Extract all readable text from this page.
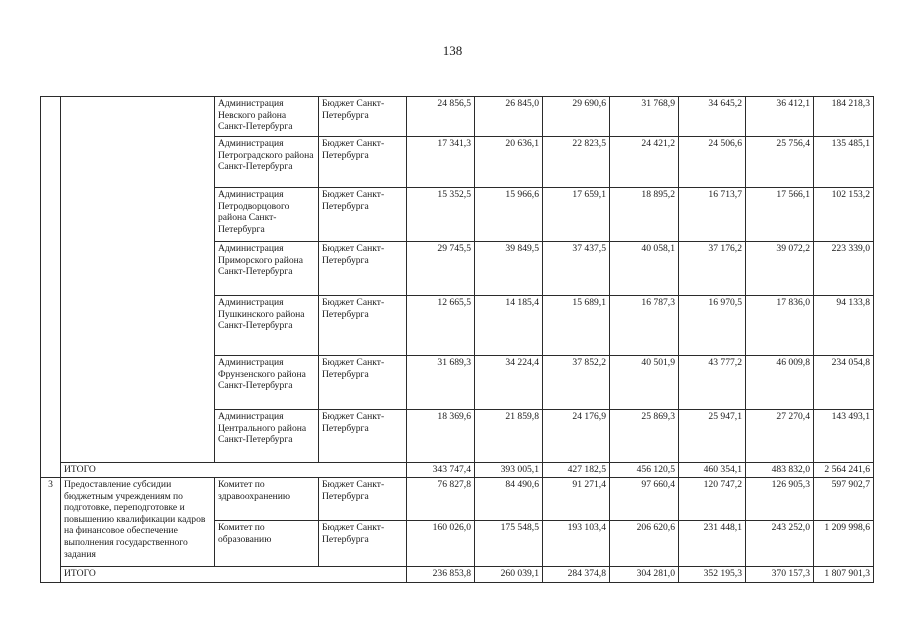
138
		Администрация Невского района Санкт-Петербурга	Бюджет Санкт-Петербурга	24 856,5	26 845,0	29 690,6	31 768,9	34 645,2	36 412,1	184 218,3
		Администрация Петроградского района Санкт-Петербурга	Бюджет Санкт-Петербурга	17 341,3	20 636,1	22 823,5	24 421,2	24 506,6	25 756,4	135 485,1
		Администрация Петродворцового района Санкт-Петербурга	Бюджет Санкт-Петербурга	15 352,5	15 966,6	17 659,1	18 895,2	16 713,7	17 566,1	102 153,2
		Администрация Приморского района Санкт-Петербурга	Бюджет Санкт-Петербурга	29 745,5	39 849,5	37 437,5	40 058,1	37 176,2	39 072,2	223 339,0
		Администрация Пушкинского района Санкт-Петербурга	Бюджет Санкт-Петербурга	12 665,5	14 185,4	15 689,1	16 787,3	16 970,5	17 836,0	94 133,8
		Администрация Фрунзенского района Санкт-Петербурга	Бюджет Санкт-Петербурга	31 689,3	34 224,4	37 852,2	40 501,9	43 777,2	46 009,8	234 054,8
		Администрация Центрального района Санкт-Петербурга	Бюджет Санкт-Петербурга	18 369,6	21 859,8	24 176,9	25 869,3	25 947,1	27 270,4	143 493,1
	ИТОГО			343 747,4	393 005,1	427 182,5	456 120,5	460 354,1	483 832,0	2 564 241,6
3	Предоставление субсидии бюджетным учреждениям по подготовке, переподготовке и повышению квалификации кадров на финансовое обеспечение выполнения государственного задания	Комитет по здравоохранению	Бюджет Санкт-Петербурга	76 827,8	84 490,6	91 271,4	97 660,4	120 747,2	126 905,3	597 902,7
		Комитет по образованию	Бюджет Санкт-Петербурга	160 026,0	175 548,5	193 103,4	206 620,6	231 448,1	243 252,0	1 209 998,6
	ИТОГО			236 853,8	260 039,1	284 374,8	304 281,0	352 195,3	370 157,3	1 807 901,3
